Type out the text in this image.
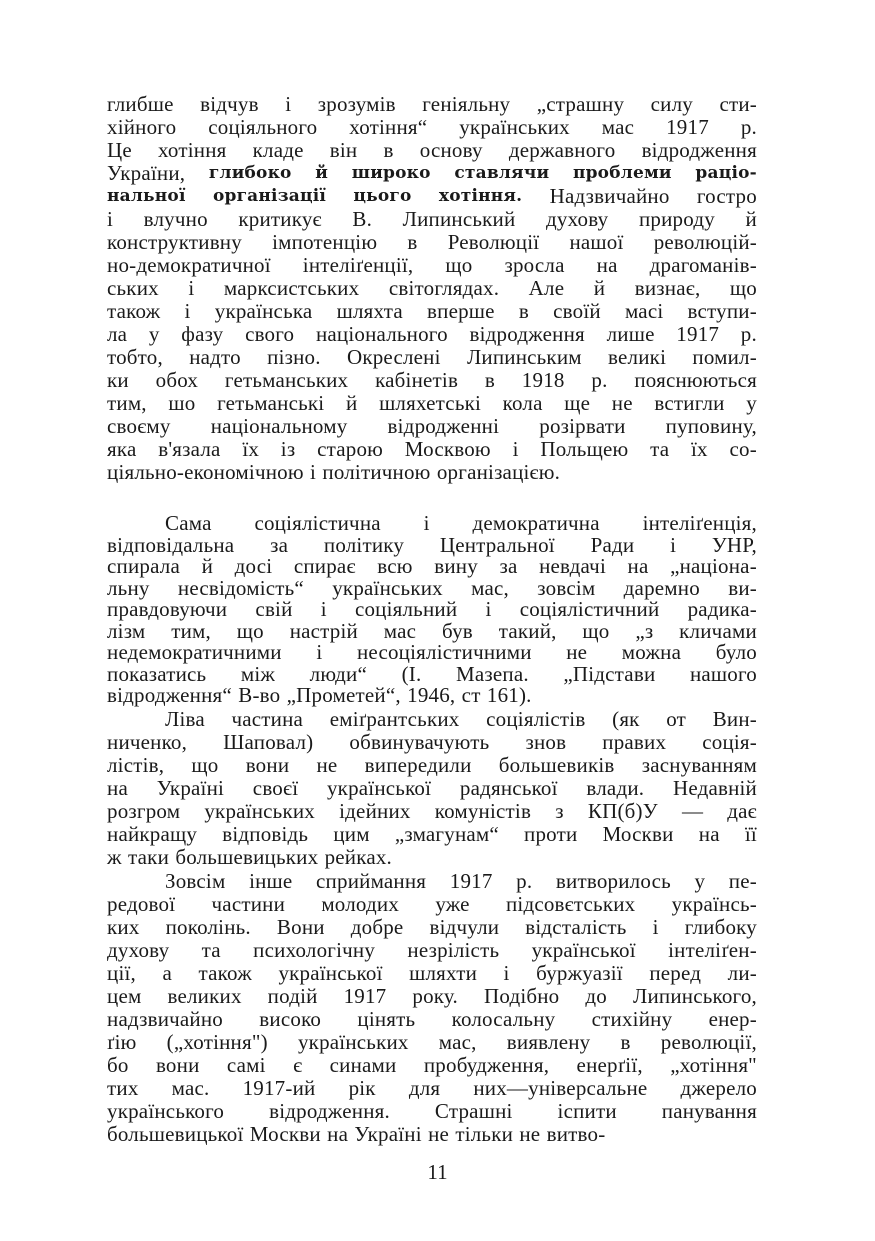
глибше відчув і зрозумів геніяльну „страшну силу сти-
хійного соціяльного хотіння“ українських мас 1917 р.
Це хотіння кладе він в основу державного відродження
України, глибоко й широко ставлячи проблеми раціо-
нальної організації цього хотіння. Надзвичайно гостро
і влучно критикує В. Липинський духову природу й
конструктивну імпотенцію в Революції нашої революцій-
но-демократичної інтеліґенції, що зросла на драгоманів-
ських і марксистських світоглядах. Але й визнає, що
також і українська шляхта вперше в своїй масі вступи-
ла у фазу свого національного відродження лише 1917 р.
тобто, надто пізно. Окреслені Липинським великі помил-
ки обох гетьманських кабінетів в 1918 р. пояснюються
тим, шо гетьманські й шляхетські кола ще не встигли у
своєму національному відродженні розірвати пуповину,
яка в'язала їх із старою Москвою і Польщею та їх со-
ціяльно-економічною і політичною організацією.
Сама соціялістична і демократична інтеліґенція,
відповідальна за політику Центральної Ради і УНР,
спирала й досі спирає всю вину за невдачі на „націона-
льну несвідомість“ українських мас, зовсім даремно ви-
правдовуючи свій і соціяльний і соціялістичний радика-
лізм тим, що настрій мас був такий, що „з кличами
недемократичними і несоціялістичними не можна було
показатись між люди“ (І. Мазепа. „Підстави нашого
відродження“ В-во „Прометей“, 1946, ст 161).
Ліва частина еміґрантських соціялістів (як от Вин-
ниченко, Шаповал) обвинувачують знов правих соція-
лістів, що вони не випередили большевиків заснуванням
на Україні своєї української радянської влади. Недавній
розгром українських ідейних комуністів з КП(б)У — дає
найкращу відповідь цим „змагунам“ проти Москви на її
ж таки большевицьких рейках.
Зовсім інше сприймання 1917 р. витворилось у пе-
редової частини молодих уже підсовєтських українсь-
ких поколінь. Вони добре відчули відсталість і глибоку
духову та психологічну незрілість української інтеліґен-
ції, а також української шляхти і буржуазії перед ли-
цем великих подій 1917 року. Подібно до Липинського,
надзвичайно високо цінять колосальну стихійну енер-
ґію („хотіння") українських мас, виявлену в революції,
бо вони самі є синами пробудження, енерґії, „хотіння"
тих мас. 1917-ий рік для них—універсальне джерело
українського відродження. Страшні іспити панування
большевицької Москви на Україні не тільки не витво-
11
